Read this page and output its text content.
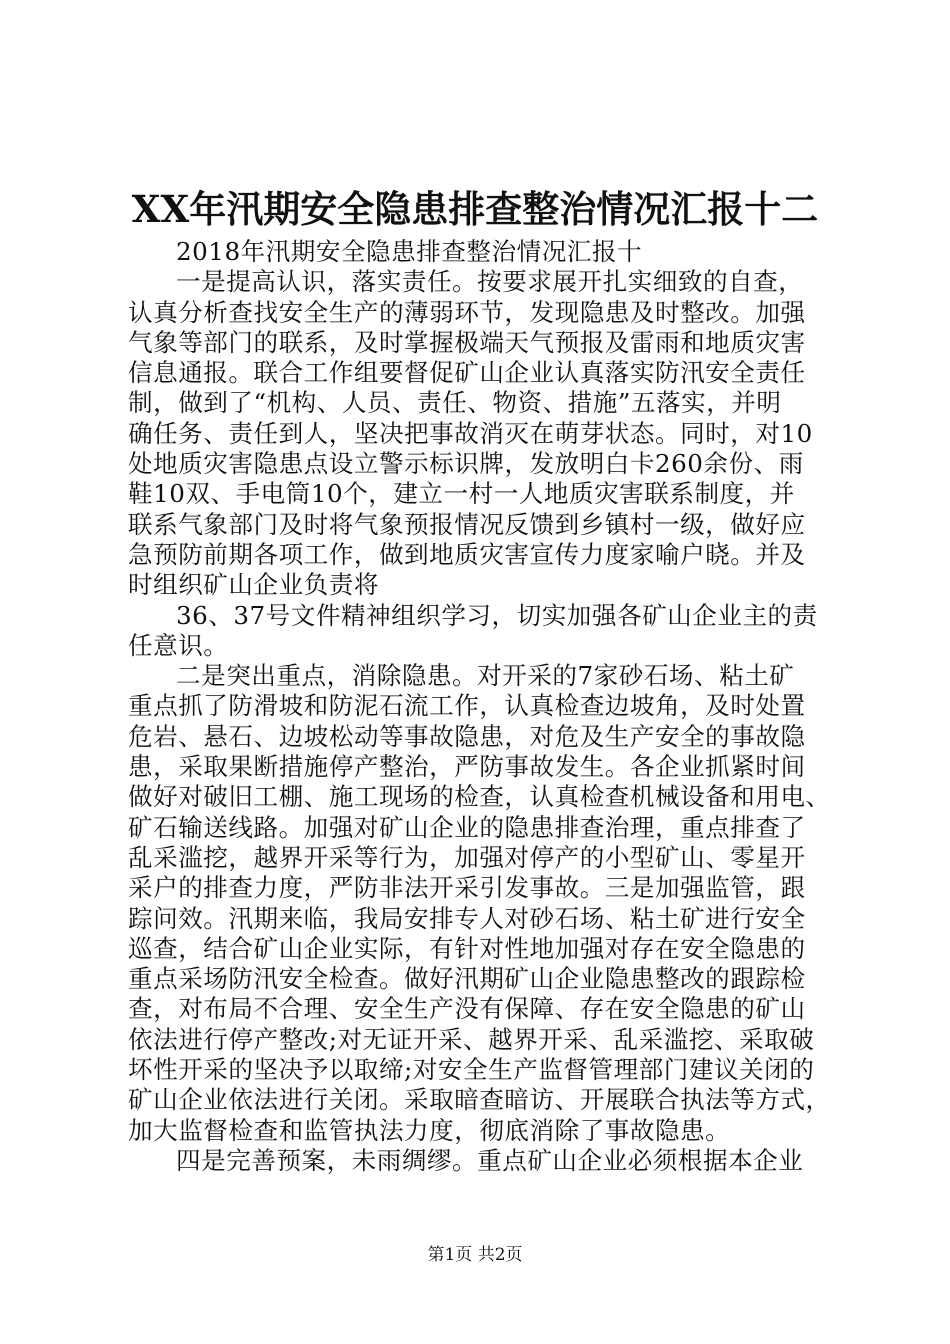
XX年汛期安全隐患排查整治情况汇报十二
2018年汛期安全隐患排查整治情况汇报十
一是提高认识，落实责任。按要求展开扎实细致的自查，
认真分析查找安全生产的薄弱环节，发现隐患及时整改。加强
气象等部门的联系，及时掌握极端天气预报及雷雨和地质灾害
信息通报。联合工作组要督促矿山企业认真落实防汛安全责任
制，做到了“机构、人员、责任、物资、措施”五落实，并明
确任务、责任到人，坚决把事故消灭在萌芽状态。同时，对10
处地质灾害隐患点设立警示标识牌，发放明白卡260余份、雨
鞋10双、手电筒10个，建立一村一人地质灾害联系制度，并
联系气象部门及时将气象预报情况反馈到乡镇村一级，做好应
急预防前期各项工作，做到地质灾害宣传力度家喻户晓。并及
时组织矿山企业负责将
36、37号文件精神组织学习，切实加强各矿山企业主的责
任意识。
二是突出重点，消除隐患。对开采的7家砂石场、粘土矿
重点抓了防滑坡和防泥石流工作，认真检查边坡角，及时处置
危岩、悬石、边坡松动等事故隐患，对危及生产安全的事故隐
患，采取果断措施停产整治，严防事故发生。各企业抓紧时间
做好对破旧工棚、施工现场的检查，认真检查机械设备和用电、
矿石输送线路。加强对矿山企业的隐患排查治理，重点排查了
乱采滥挖，越界开采等行为，加强对停产的小型矿山、零星开
采户的排查力度，严防非法开采引发事故。三是加强监管，跟
踪问效。汛期来临，我局安排专人对砂石场、粘土矿进行安全
巡查，结合矿山企业实际，有针对性地加强对存在安全隐患的
重点采场防汛安全检查。做好汛期矿山企业隐患整改的跟踪检
查，对布局不合理、安全生产没有保障、存在安全隐患的矿山
依法进行停产整改;对无证开采、越界开采、乱采滥挖、采取破
坏性开采的坚决予以取缔;对安全生产监督管理部门建议关闭的
矿山企业依法进行关闭。采取暗查暗访、开展联合执法等方式，
加大监督检查和监管执法力度，彻底消除了事故隐患。
四是完善预案，未雨绸缪。重点矿山企业必须根据本企业
第1页 共2页
